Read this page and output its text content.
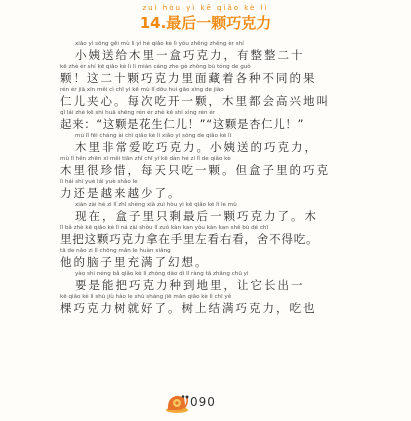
zuì hòu yì kē qiǎo kè lì
14.最后一颗巧克力
xiǎo yì sōng gěi mù li yì hé qiǎo kè lì yǒu zhěng zhěng èr shí
小姨送给木里一盒巧克力，有整整二十
kē zhè èr shí kē qiǎo kè lì li miàn cáng zhe gè zhǒng bù tóng de guǒ
颗！这二十颗巧克力里面藏着各种不同的果
rén ér jiā xīn měi cì chī yì kē mù lǐ dōu huì gāo xìng de jiào
仁儿夹心。每次吃开一颗，木里都会高兴地叫
qǐ lái zhè kē shì huā shēng rén ér zhè kē shì xìng rén ér
起来：“这颗是花生仁儿！”“这颗是杏仁儿！”
mù lǐ fēi cháng ài chī qiǎo kè lì xiǎo yí sòng de qiǎo kè lì
木里非常爱吃巧克力。小姨送的巧克力，
mù lǐ hěn zhēn xī měi tiān zhǐ chī yì kē dàn hé zi lǐ de qiǎo kè
木里很珍惜，每天只吃一颗。但盒子里的巧克
lì hái shì yuè lái yuè shǎo le
力还是越来越少了。
xiàn zài hé zi lǐ zhǐ shèng xià zuì hòu yì kē qiǎo kè lì le mù
现在，盒子里只剩最后一颗巧克力了。木
lǐ bǎ zhè kē qiǎo kè lì ná zài shǒu lǐ zuǒ kàn kan yòu kàn kan shě bù dé chī
里把这颗巧克力拿在手里左看右看，舍不得吃。
tā de nǎo zi lǐ chōng mǎn le huàn xiǎng
他的脑子里充满了幻想。
yào shi néng bǎ qiǎo kè lì zhòng dào dì lǐ ràng tā zhǎng chū yì
要是能把巧克力种到地里，让它长出一
kē qiǎo kè lì shù jiù hǎo le shù shàng jiē mǎn qiǎo kè lì chī yě
棵巧克力树就好了。树上结满巧克力，吃也
090
